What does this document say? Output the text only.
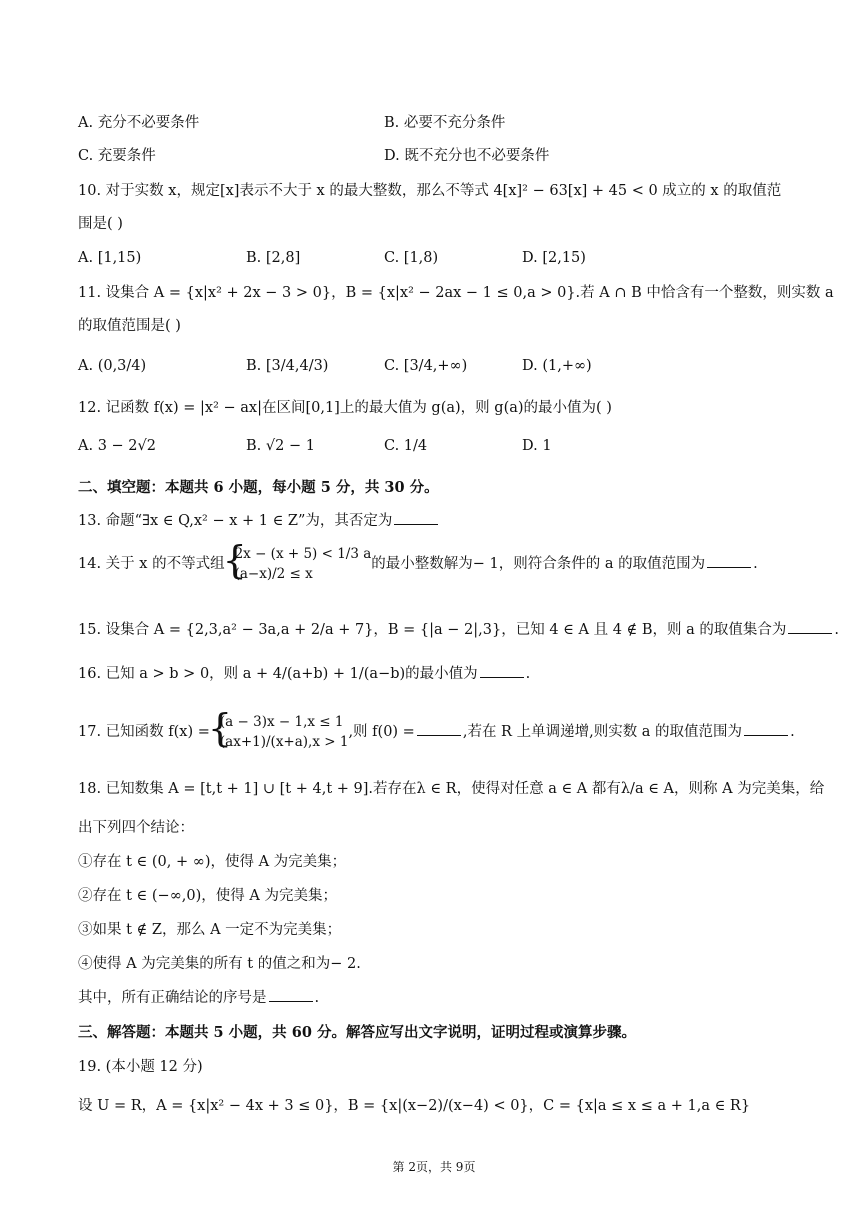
A. 充分不必要条件	B. 必要不充分条件
C. 充要条件	D. 既不充分也不必要条件
10. 对于实数 x，规定[x]表示不大于 x 的最大整数，那么不等式 4[x]² − 63[x] + 45 < 0 成立的 x 的取值范
围是( )
A. [1,15)	B. [2,8]	C. [1,8)	D. [2,15)
11. 设集合 A = {x|x² + 2x − 3 > 0}，B = {x|x² − 2ax − 1 ≤ 0,a > 0}.若 A ∩ B 中恰含有一个整数，则实数 a
的取值范围是( )
A. (0,3/4)	B. [3/4,4/3)	C. [3/4,+∞)	D. (1,+∞)
12. 记函数 f(x) = |x² − ax|在区间[0,1]上的最大值为 g(a)，则 g(a)的最小值为( )
A. 3 − 2√2	B. √2 − 1	C. 1/4	D. 1
二、填空题：本题共 6 小题，每小题 5 分，共 30 分。
13. 命题“∃x ∈ Q,x² − x + 1 ∈ Z”为，其否定为
14. 关于 x 的不等式组
{ 2x − (x + 5) < 1/3 a
(a−x)/2 ≤ x
的最小整数解为− 1，则符合条件的 a 的取值范围为	.
15. 设集合 A = {2,3,a² − 3a,a + 2/a + 7}，B = {|a − 2|,3}，已知 4 ∈ A 且 4 ∉ B，则 a 的取值集合为	.
16. 已知 a > b > 0，则 a + 4/(a+b) + 1/(a−b)的最小值为	.
17. 已知函数 f(x) =
{ (a − 3)x − 1,x ≤ 1
(ax+1)/(x+a),x > 1
,则 f(0) =	,若在 R 上单调递增,则实数 a 的取值范围为	.
18. 已知数集 A = [t,t + 1] ∪ [t + 4,t + 9].若存在λ ∈ R，使得对任意 a ∈ A 都有λ/a ∈ A，则称 A 为完美集，给
出下列四个结论：
①存在 t ∈ (0, + ∞)，使得 A 为完美集；
②存在 t ∈ (−∞,0)，使得 A 为完美集；
③如果 t ∉ Z，那么 A 一定不为完美集；
④使得 A 为完美集的所有 t 的值之和为− 2.
其中，所有正确结论的序号是	.
三、解答题：本题共 5 小题，共 60 分。解答应写出文字说明，证明过程或演算步骤。
19. (本小题 12 分)
设 U = R，A = {x|x² − 4x + 3 ≤ 0}，B = {x|(x−2)/(x−4) < 0}，C = {x|a ≤ x ≤ a + 1,a ∈ R}
第 2页，共 9页
